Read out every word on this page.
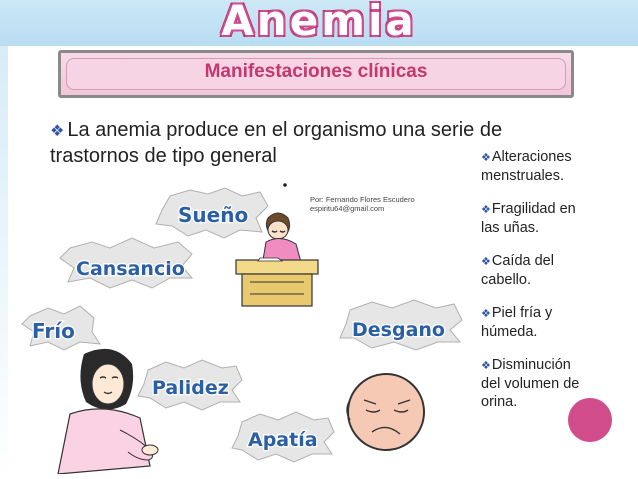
Anemia
Manifestaciones clínicas
❖ La anemia produce en el organismo una serie de trastornos de tipo general	❖Alteraciones menstruales.
❖Fragilidad en las uñas.
❖Caída del cabello.
❖Piel fría y húmeda.
❖Disminución del volumen de orina.
Sueño
Cansancio
Frío	Desgano
Palidez
Apatía
Por: Fernando Flores Escudero
espiritu64@gmail.com
